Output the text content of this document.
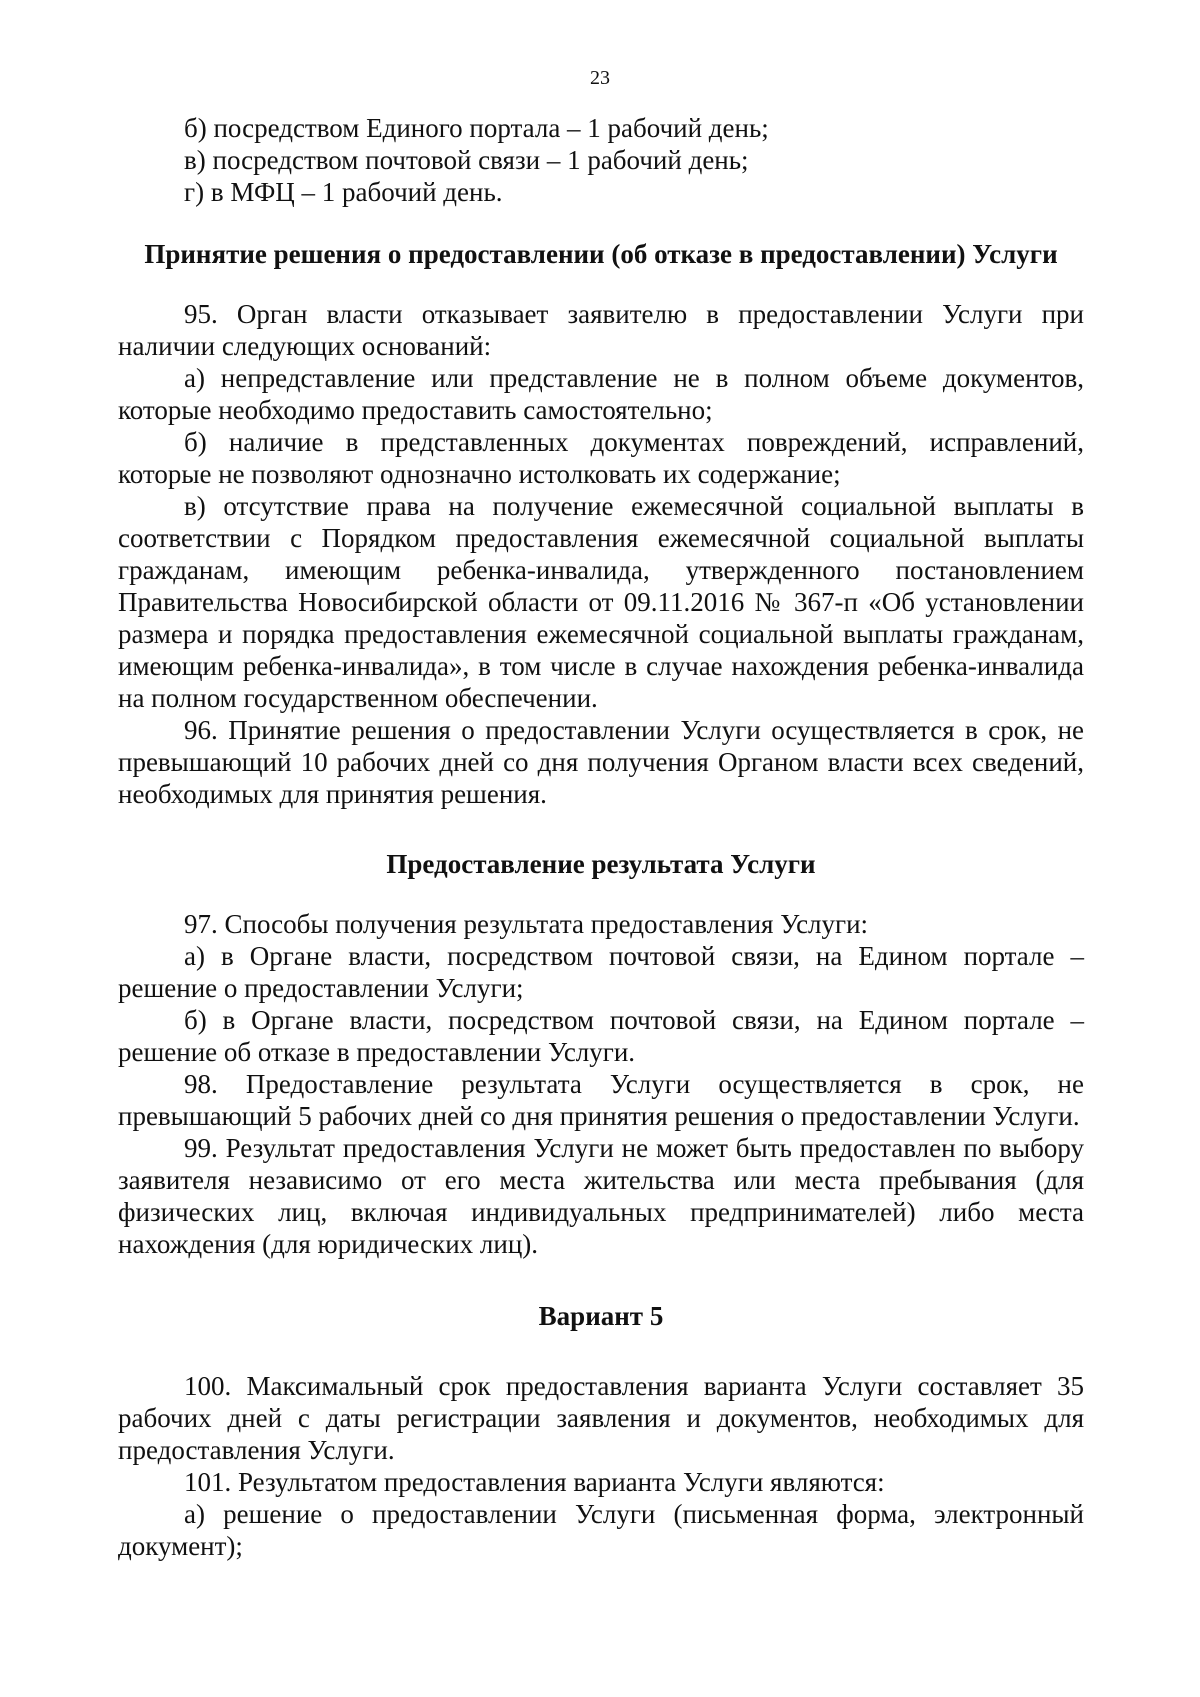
23

б) посредством Единого портала – 1 рабочий день;

в) посредством почтовой связи – 1 рабочий день;

г) в МФЦ – 1 рабочий день.

Принятие решения о предоставлении (об отказе в предоставлении) Услуги

95. Орган власти отказывает заявителю в предоставлении Услуги при наличии следующих оснований:

а) непредставление или представление не в полном объеме документов, которые необходимо предоставить самостоятельно;

б) наличие в представленных документах повреждений, исправлений, которые не позволяют однозначно истолковать их содержание;

в) отсутствие права на получение ежемесячной социальной выплаты в соответствии с Порядком предоставления ежемесячной социальной выплаты гражданам, имеющим ребенка-инвалида, утвержденного постановлением Правительства Новосибирской области от 09.11.2016 № 367-п «Об установлении размера и порядка предоставления ежемесячной социальной выплаты гражданам, имеющим ребенка-инвалида», в том числе в случае нахождения ребенка-инвалида на полном государственном обеспечении.

96. Принятие решения о предоставлении Услуги осуществляется в срок, не превышающий 10 рабочих дней со дня получения Органом власти всех сведений, необходимых для принятия решения.

Предоставление результата Услуги

97. Способы получения результата предоставления Услуги:

а) в Органе власти, посредством почтовой связи, на Едином портале – решение о предоставлении Услуги;

б) в Органе власти, посредством почтовой связи, на Едином портале – решение об отказе в предоставлении Услуги.

98. Предоставление результата Услуги осуществляется в срок, не превышающий 5 рабочих дней со дня принятия решения о предоставлении Услуги.

99. Результат предоставления Услуги не может быть предоставлен по выбору заявителя независимо от его места жительства или места пребывания (для физических лиц, включая индивидуальных предпринимателей) либо места нахождения (для юридических лиц).

Вариант 5

100. Максимальный срок предоставления варианта Услуги составляет 35 рабочих дней с даты регистрации заявления и документов, необходимых для предоставления Услуги.

101. Результатом предоставления варианта Услуги являются:

а) решение о предоставлении Услуги (письменная форма, электронный документ);
